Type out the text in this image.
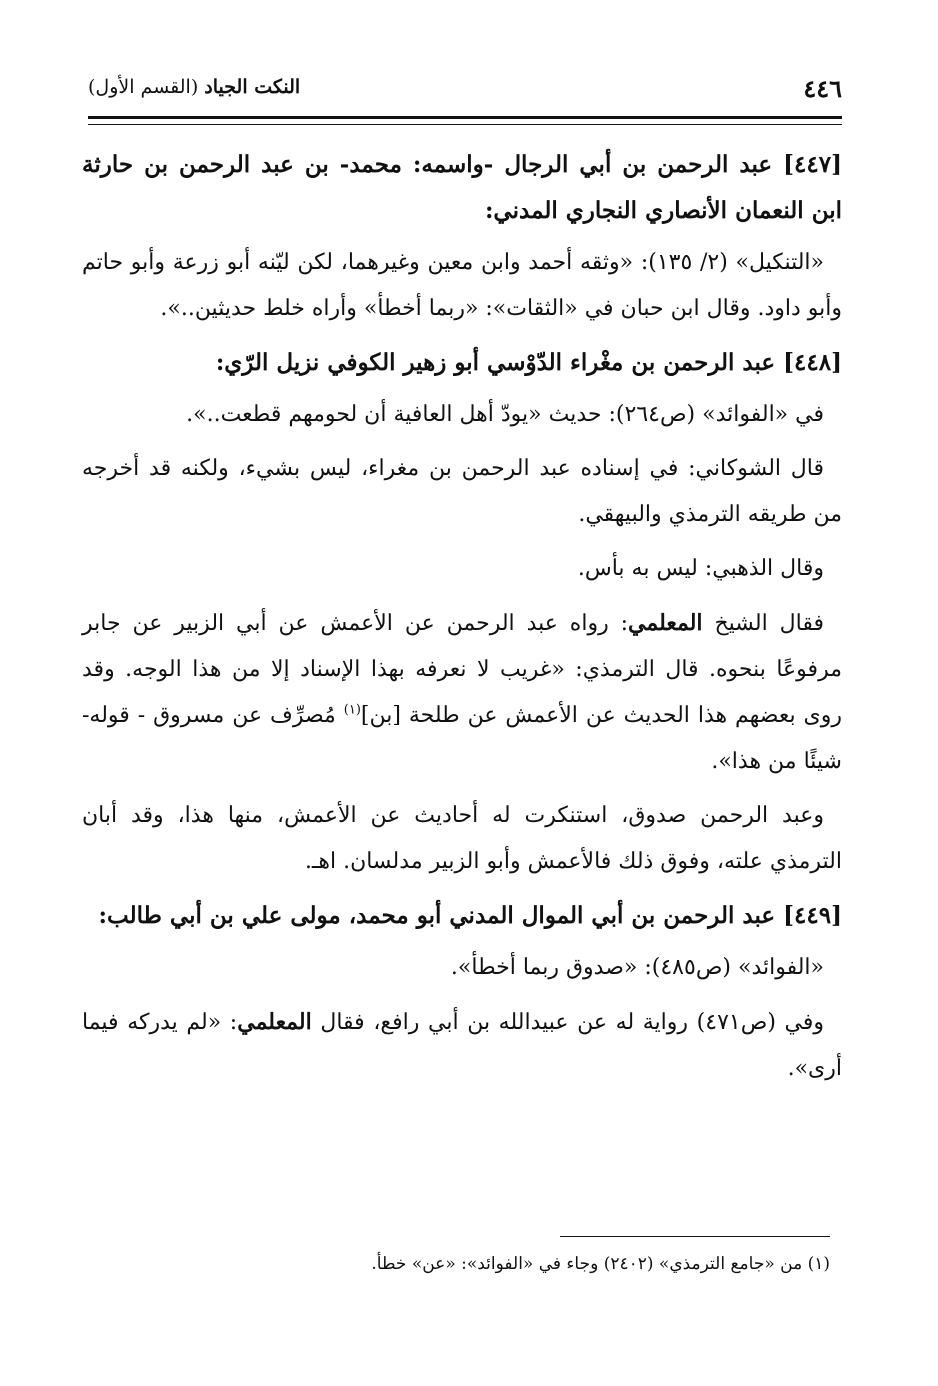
٤٤٦
النكت الجياد (القسم الأول)

[٤٤٧] عبد الرحمن بن أبي الرجال -واسمه: محمد- بن عبد الرحمن بن حارثة ابن النعمان الأنصاري النجاري المدني:

«التنكيل» (٢/ ١٣٥): «وثقه أحمد وابن معين وغيرهما، لكن ليّنه أبو زرعة وأبو حاتم وأبو داود. وقال ابن حبان في «الثقات»: «ربما أخطأ» وأراه خلط حديثين..».

[٤٤٨] عبد الرحمن بن مغْراء الدّوْسي أبو زهير الكوفي نزيل الرّي:

في «الفوائد» (ص٢٦٤): حديث «يودّ أهل العافية أن لحومهم قطعت..».

قال الشوكاني: في إسناده عبد الرحمن بن مغراء، ليس بشيء، ولكنه قد أخرجه من طريقه الترمذي والبيهقي.

وقال الذهبي: ليس به بأس.

فقال الشيخ المعلمي: رواه عبد الرحمن عن الأعمش عن أبي الزبير عن جابر مرفوعًا بنحوه. قال الترمذي: «غريب لا نعرفه بهذا الإسناد إلا من هذا الوجه. وقد روى بعضهم هذا الحديث عن الأعمش عن طلحة [بن]$^{(١)}$ مُصرِّف عن مسروق - قوله- شيئًا من هذا».

وعبد الرحمن صدوق، استنكرت له أحاديث عن الأعمش، منها هذا، وقد أبان الترمذي علته، وفوق ذلك فالأعمش وأبو الزبير مدلسان. اهـ.

[٤٤٩] عبد الرحمن بن أبي الموال المدني أبو محمد، مولى علي بن أبي طالب:

«الفوائد» (ص٤٨٥): «صدوق ربما أخطأ».

وفي (ص٤٧١) رواية له عن عبيدالله بن أبي رافع، فقال المعلمي: «لم يدركه فيما أرى».

(١) من «جامع الترمذي» (٢٤٠٢) وجاء في «الفوائد»: «عن» خطأ.
